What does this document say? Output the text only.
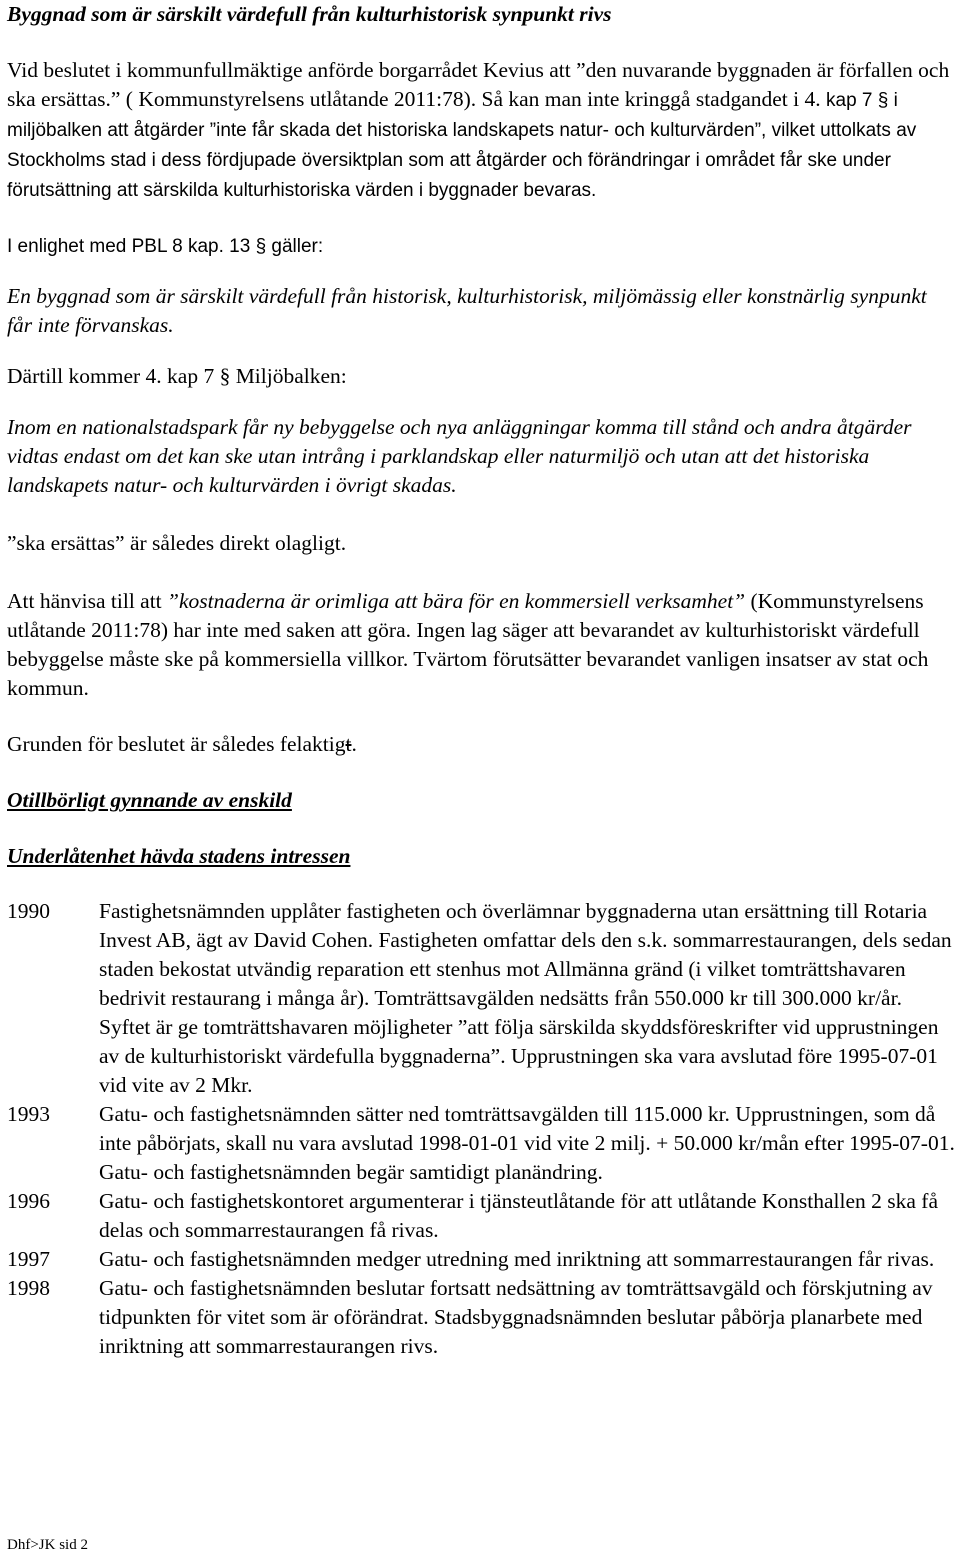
Byggnad som är särskilt värdefull från kulturhistorisk synpunkt rivs

Vid beslutet i kommunfullmäktige anförde borgarrådet Kevius att ”den nuvarande byggnaden är förfallen och ska ersättas.” ( Kommunstyrelsens utlåtande 2011:78). Så kan man inte kringgå stadgandet i 4. kap 7 § i miljöbalken att åtgärder ”inte får skada det historiska landskapets natur- och kulturvärden”, vilket uttolkats av Stockholms stad i dess fördjupade översiktplan som att åtgärder och förändringar i området får ske under förutsättning att särskilda kulturhistoriska värden i byggnader bevaras.

I enlighet med PBL 8 kap. 13 § gäller:

En byggnad som är särskilt värdefull från historisk, kulturhistorisk, miljömässig eller konstnärlig synpunkt får inte förvanskas.

Därtill kommer 4. kap 7 § Miljöbalken:

Inom en nationalstadspark får ny bebyggelse och nya anläggningar komma till stånd och andra åtgärder vidtas endast om det kan ske utan intrång i parklandskap eller naturmiljö och utan att det historiska landskapets natur- och kulturvärden i övrigt skadas.

”ska ersättas” är således direkt olagligt.

Att hänvisa till att ”kostnaderna är orimliga att bära för en kommersiell verksamhet” (Kommunstyrelsens utlåtande 2011:78) har inte med saken att göra. Ingen lag säger att bevarandet av kulturhistoriskt värdefull bebyggelse måste ske på kommersiella villkor. Tvärtom förutsätter bevarandet vanligen insatser av stat och kommun.

Grunden för beslutet är således felaktigt.

Otillbörligt gynnande av enskild

Underlåtenhet hävda stadens intressen

1990	Fastighetsnämnden upplåter fastigheten och överlämnar byggnaderna utan ersättning till Rotaria Invest AB, ägt av David Cohen. Fastigheten omfattar dels den s.k. sommarrestaurangen, dels sedan staden bekostat utvändig reparation ett stenhus mot Allmänna gränd (i vilket tomträttshavaren bedrivit restaurang i många år). Tomträttsavgälden nedsätts från 550.000 kr till 300.000 kr/år. Syftet är ge tomträttshavaren möjligheter ”att följa särskilda skyddsföreskrifter vid upprustningen av de kulturhistoriskt värdefulla byggnaderna”. Upprustningen ska vara avslutad före 1995-07-01 vid vite av 2 Mkr.
1993	Gatu- och fastighetsnämnden sätter ned tomträttsavgälden till 115.000 kr. Upprustningen, som då inte påbörjats, skall nu vara avslutad 1998-01-01 vid vite 2 milj. + 50.000 kr/mån efter 1995-07-01. Gatu- och fastighetsnämnden begär samtidigt planändring.
1996	Gatu- och fastighetskontoret argumenterar i tjänsteutlåtande för att utlåtande Konsthallen 2 ska få delas och sommarrestaurangen få rivas.
1997	Gatu- och fastighetsnämnden medger utredning med inriktning att sommarrestaurangen får rivas.
1998	Gatu- och fastighetsnämnden beslutar fortsatt nedsättning av tomträttsavgäld och förskjutning av tidpunkten för vitet som är oförändrat. Stadsbyggnadsnämnden beslutar påbörja planarbete med inriktning att sommarrestaurangen rivs.
Dhf>JK sid 2
